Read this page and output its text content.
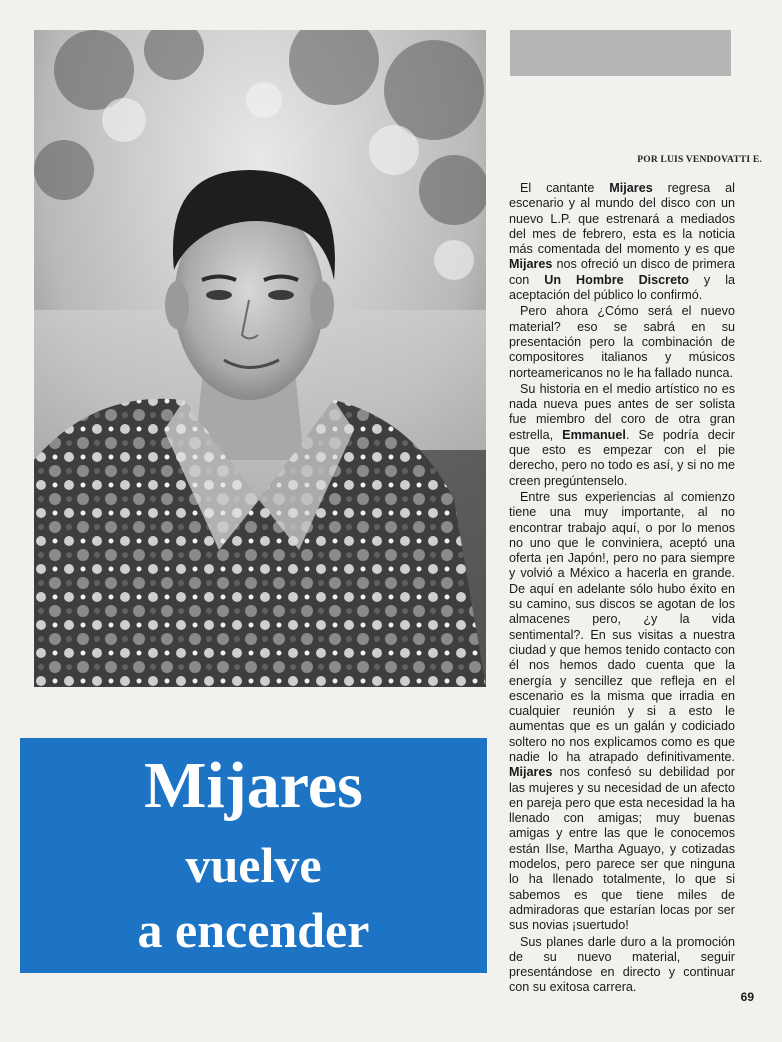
POR LUIS VENDOVATTI E.

El cantante Mijares regresa al escenario y al mundo del disco con un nuevo L.P. que estrenará a mediados del mes de febrero, esta es la noticia más comentada del momento y es que Mijares nos ofreció un disco de primera con Un Hombre Discreto y la aceptación del público lo confirmó.

Pero ahora ¿Cómo será el nuevo material? eso se sabrá en su presentación pero la combinación de compositores italianos y músicos norteamericanos no le ha fallado nunca.

Su historia en el medio artístico no es nada nueva pues antes de ser solista fue miembro del coro de otra gran estrella, Emmanuel. Se podría decir que esto es empezar con el pie derecho, pero no todo es así, y si no me creen pregúntenselo.

Entre sus experiencias al comienzo tiene una muy importante, al no encontrar trabajo aquí, o por lo menos no uno que le conviniera, aceptó una oferta ¡en Japón!, pero no para siempre y volvió a México a hacerla en grande. De aquí en adelante sólo hubo éxito en su camino, sus discos se agotan de los almacenes pero, ¿y la vida sentimental?. En sus visitas a nuestra ciudad y que hemos tenido contacto con él nos hemos dado cuenta que la energía y sencillez que refleja en el escenario es la misma que irradia en cualquier reunión y si a esto le aumentas que es un galán y codiciado soltero no nos explicamos como es que nadie lo ha atrapado definitivamente. Mijares nos confesó su debilidad por las mujeres y su necesidad de un afecto en pareja pero que esta necesidad la ha llenado con amigas; muy buenas amigas y entre las que le conocemos están Ilse, Martha Aguayo, y cotizadas modelos, pero parece ser que ninguna lo ha llenado totalmente, lo que si sabemos es que tiene miles de admiradoras que estarían locas por ser sus novias ¡suertudo!

Sus planes darle duro a la promoción de su nuevo material, seguir presentándose en directo y continuar con su exitosa carrera.

Mijares
vuelve
a encender
69
